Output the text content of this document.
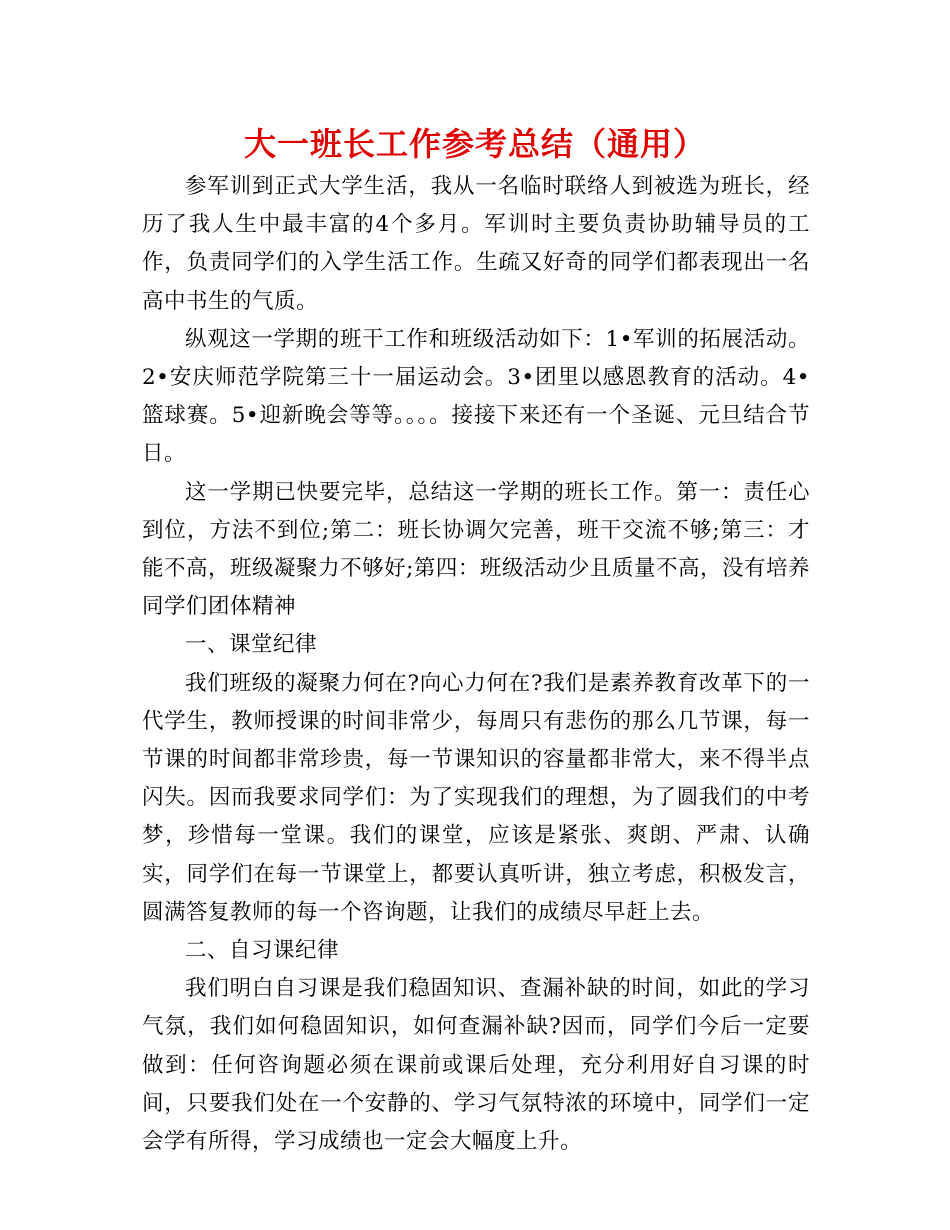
大一班长工作参考总结（通用）

参军训到正式大学生活，我从一名临时联络人到被选为班长，经历了我人生中最丰富的4个多月。军训时主要负责协助辅导员的工作，负责同学们的入学生活工作。生疏又好奇的同学们都表现出一名高中书生的气质。

纵观这一学期的班干工作和班级活动如下：1•军训的拓展活动。2•安庆师范学院第三十一届运动会。3•团里以感恩教育的活动。4•篮球赛。5•迎新晚会等等。。。。接接下来还有一个圣诞、元旦结合节日。

这一学期已快要完毕，总结这一学期的班长工作。第一：责任心到位，方法不到位;第二：班长协调欠完善，班干交流不够;第三：才能不高，班级凝聚力不够好;第四：班级活动少且质量不高，没有培养同学们团体精神

一、课堂纪律

我们班级的凝聚力何在?向心力何在?我们是素养教育改革下的一代学生，教师授课的时间非常少，每周只有悲伤的那么几节课，每一节课的时间都非常珍贵，每一节课知识的容量都非常大，来不得半点闪失。因而我要求同学们：为了实现我们的理想，为了圆我们的中考梦，珍惜每一堂课。我们的课堂，应该是紧张、爽朗、严肃、认确实，同学们在每一节课堂上，都要认真听讲，独立考虑，积极发言，圆满答复教师的每一个咨询题，让我们的成绩尽早赶上去。

二、自习课纪律

我们明白自习课是我们稳固知识、查漏补缺的时间，如此的学习气氛，我们如何稳固知识，如何查漏补缺?因而，同学们今后一定要做到：任何咨询题必须在课前或课后处理，充分利用好自习课的时间，只要我们处在一个安静的、学习气氛特浓的环境中，同学们一定会学有所得，学习成绩也一定会大幅度上升。
